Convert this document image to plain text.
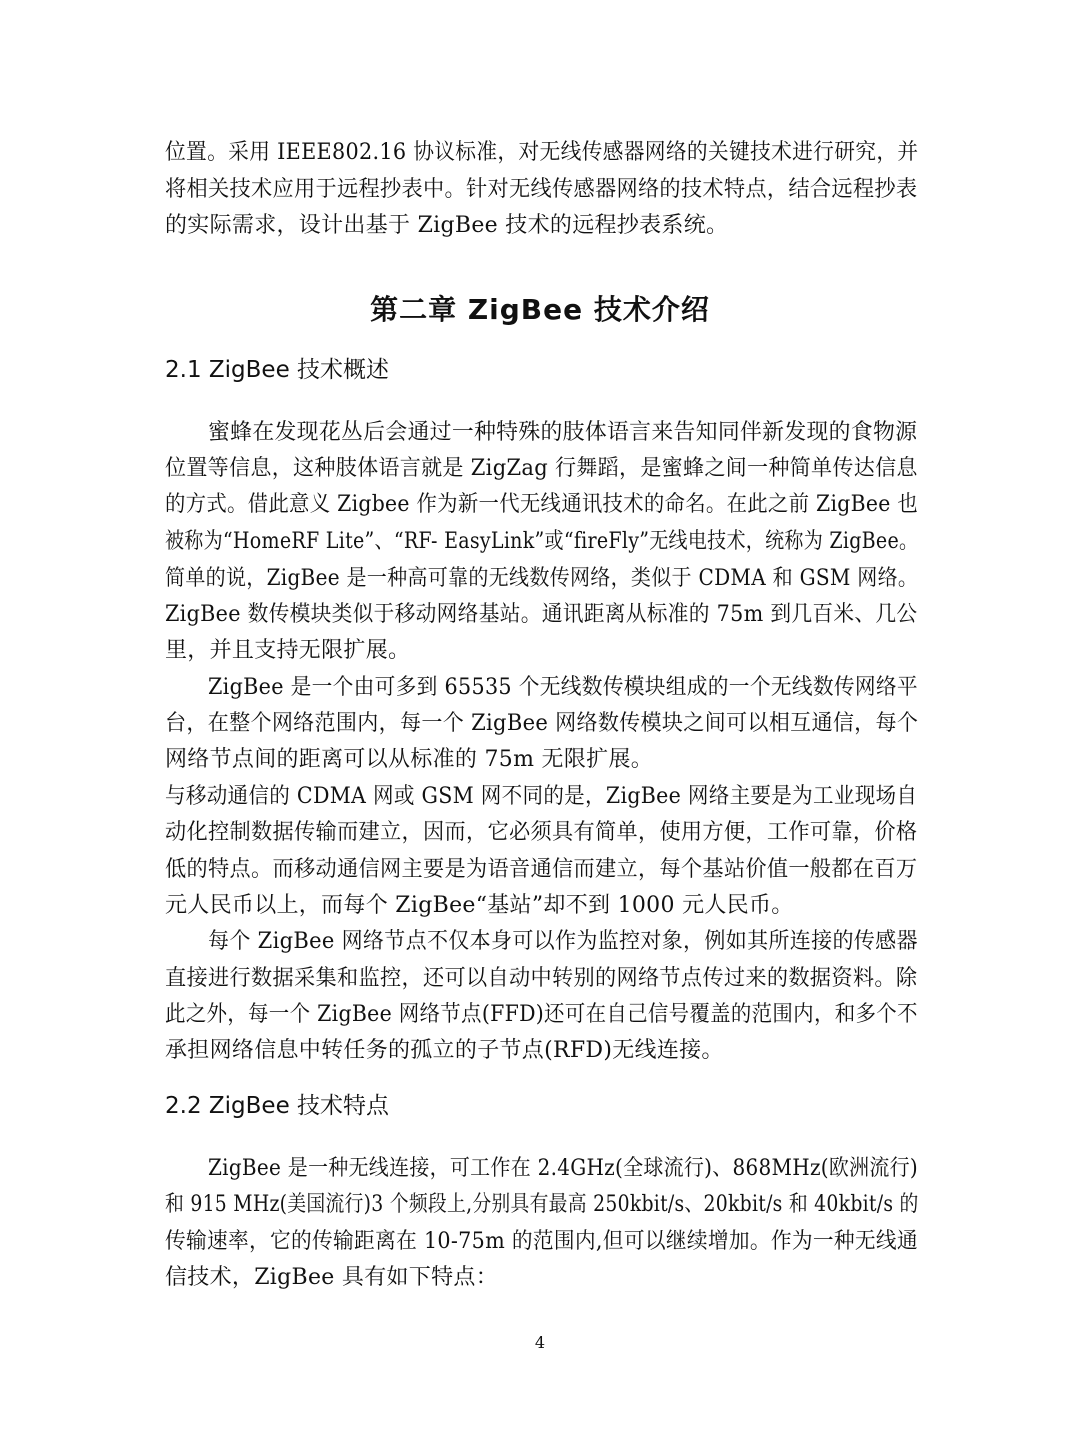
位置。采用 IEEE802.16 协议标准，对无线传感器网络的关键技术进行研究，并
将相关技术应用于远程抄表中。针对无线传感器网络的技术特点，结合远程抄表
的实际需求，设计出基于 ZigBee 技术的远程抄表系统。
第二章 ZigBee 技术介绍
2.1 ZigBee 技术概述
蜜蜂在发现花丛后会通过一种特殊的肢体语言来告知同伴新发现的食物源
位置等信息，这种肢体语言就是 ZigZag 行舞蹈，是蜜蜂之间一种简单传达信息
的方式。借此意义 Zigbee 作为新一代无线通讯技术的命名。在此之前 ZigBee 也
被称为“HomeRF Lite”、“RF- EasyLink”或“fireFly”无线电技术，统称为 ZigBee。
简单的说，ZigBee 是一种高可靠的无线数传网络，类似于 CDMA 和 GSM 网络。
ZigBee 数传模块类似于移动网络基站。通讯距离从标准的 75m 到几百米、几公
里，并且支持无限扩展。
ZigBee 是一个由可多到 65535 个无线数传模块组成的一个无线数传网络平
台，在整个网络范围内，每一个 ZigBee 网络数传模块之间可以相互通信，每个
网络节点间的距离可以从标准的 75m 无限扩展。
与移动通信的 CDMA 网或 GSM 网不同的是，ZigBee 网络主要是为工业现场自
动化控制数据传输而建立，因而，它必须具有简单，使用方便，工作可靠，价格
低的特点。而移动通信网主要是为语音通信而建立，每个基站价值一般都在百万
元人民币以上，而每个 ZigBee“基站”却不到 1000 元人民币。
每个 ZigBee 网络节点不仅本身可以作为监控对象，例如其所连接的传感器
直接进行数据采集和监控，还可以自动中转别的网络节点传过来的数据资料。除
此之外，每一个 ZigBee 网络节点(FFD)还可在自己信号覆盖的范围内，和多个不
承担网络信息中转任务的孤立的子节点(RFD)无线连接。
2.2 ZigBee 技术特点
ZigBee 是一种无线连接，可工作在 2.4GHz(全球流行)、868MHz(欧洲流行)
和 915 MHz(美国流行)3 个频段上,分别具有最高 250kbit/s、20kbit/s 和 40kbit/s 的
传输速率，它的传输距离在 10-75m 的范围内,但可以继续增加。作为一种无线通
信技术，ZigBee 具有如下特点：
4
